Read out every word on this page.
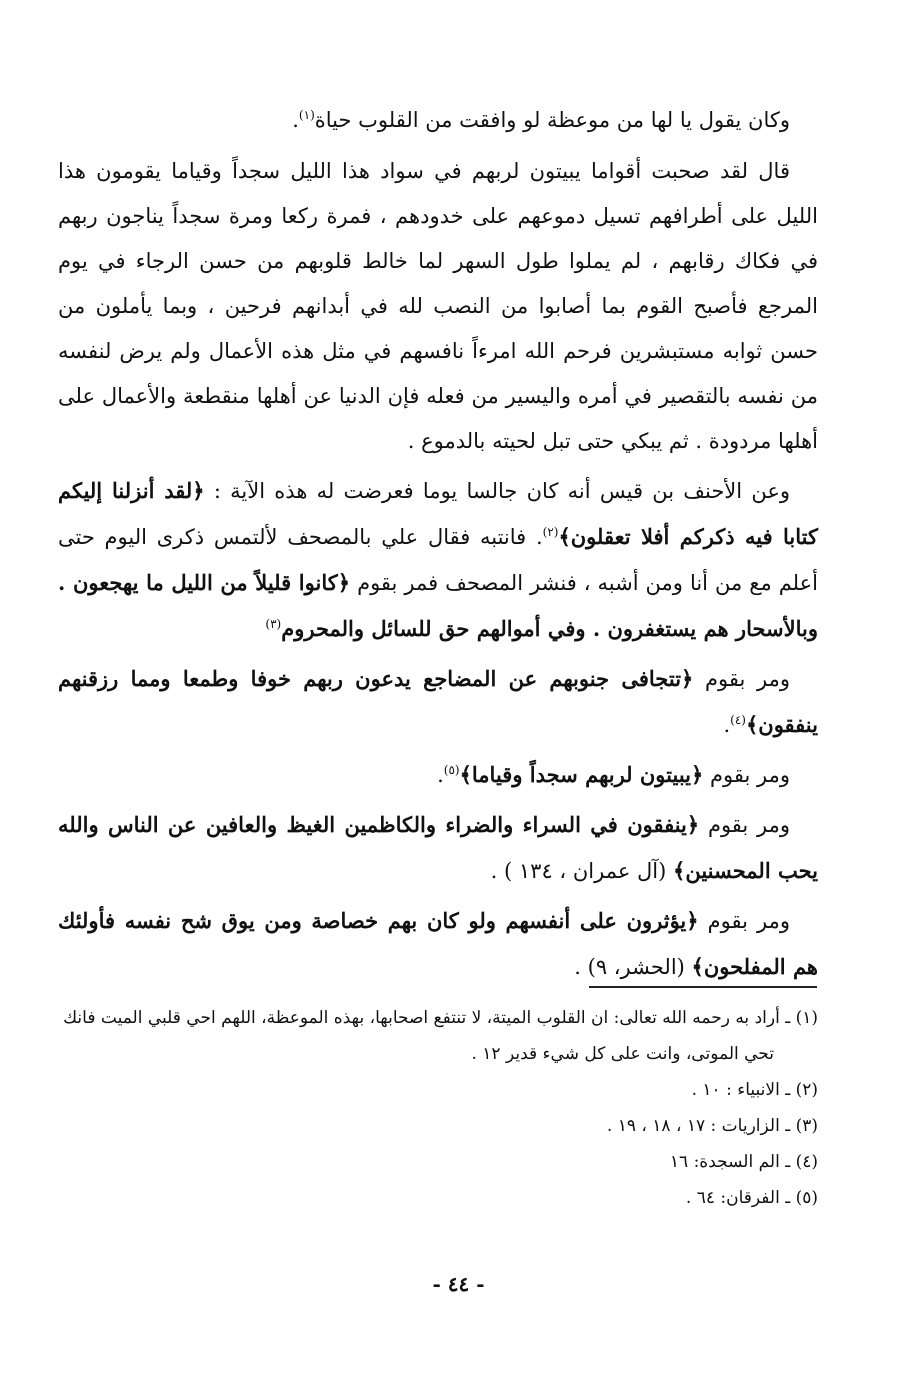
وكان يقول يا لها من موعظة لو وافقت من القلوب حياة$^{(١)}$.

قال لقد صحبت أقواما يبيتون لربهم في سواد هذا الليل سجداً وقياما يقومون هذا الليل على أطرافهم تسيل دموعهم على خدودهم ، فمرة ركعا ومرة سجداً يناجون ربهم في فكاك رقابهم ، لم يملوا طول السهر لما خالط قلوبهم من حسن الرجاء في يوم المرجع فأصبح القوم بما أصابوا من النصب لله في أبدانهم فرحين ، وبما يأملون من حسن ثوابه مستبشرين فرحم الله امرءاً نافسهم في مثل هذه الأعمال ولم يرض لنفسه من نفسه بالتقصير في أمره واليسير من فعله فإن الدنيا عن أهلها منقطعة والأعمال على أهلها مردودة . ثم يبكي حتى تبل لحيته بالدموع .

وعن الأحنف بن قيس أنه كان جالسا يوما فعرضت له هذه الآية : ﴿لقد أنزلنا إليكم كتابا فيه ذكركم أفلا تعقلون﴾$^{(٢)}$. فانتبه فقال علي بالمصحف لألتمس ذكرى اليوم حتى أعلم مع من أنا ومن أشبه ، فنشر المصحف فمر بقوم ﴿كانوا قليلاً من الليل ما يهجعون . وبالأسحار هم يستغفرون . وفي أموالهم حق للسائل والمحروم$^{(٣)}$

ومر بقوم ﴿تتجافى جنوبهم عن المضاجع يدعون ربهم خوفا وطمعا ومما رزقنهم ينفقون﴾$^{(٤)}$.

ومر بقوم ﴿يبيتون لربهم سجداً وقياما﴾$^{(٥)}$.

ومر بقوم ﴿ينفقون في السراء والضراء والكاظمين الغيظ والعافين عن الناس والله يحب المحسنين﴾ (آل عمران ، ١٣٤ ) .

ومر بقوم ﴿يؤثرون على أنفسهم ولو كان بهم خصاصة ومن يوق شح نفسه فأولئك هم المفلحون﴾ (الحشر، ٩) .

(١) ـ أراد به رحمه الله تعالى: ان القلوب الميتة، لا تنتفع اصحابها، بهذه الموعظة، اللهم احي قلبي الميت فانك تحي الموتى، وانت على كل شيء قدير ١٢ .

(٢) ـ الانبياء : ١٠ .

(٣) ـ الزاريات : ١٧ ، ١٨ ، ١٩ .

(٤) ـ الم السجدة: ١٦

(٥) ـ الفرقان: ٦٤ .

- ٤٤ -
